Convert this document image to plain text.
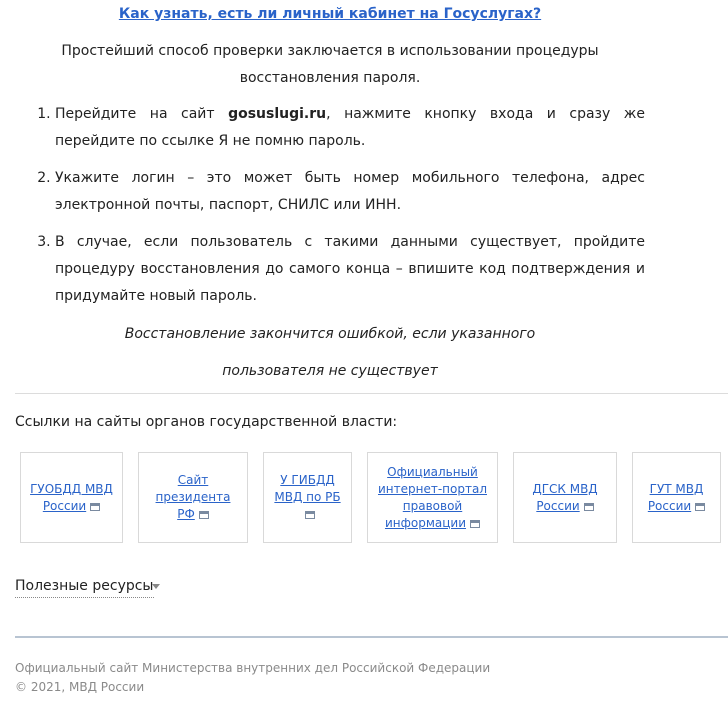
Как узнать, есть ли личный кабинет на Госуслугах?

Простейший способ проверки заключается в использовании процедуры восстановления пароля.

1. Перейдите на сайт gosuslugi.ru, нажмите кнопку входа и сразу же перейдите по ссылке Я не помню пароль.
2. Укажите логин – это может быть номер мобильного телефона, адрес электронной почты, паспорт, СНИЛС или ИНН.
3. В случае, если пользователь с такими данными существует, пройдите процедуру восстановления до самого конца – впишите код подтверждения и придумайте новый пароль.
Восстановление закончится ошибкой, если указанного
пользователя не существует
Ссылки на сайты органов государственной власти:
ГУОБДД МВД России
Сайт президента РФ
У ГИБДД МВД по РБ
Официальный интернет-портал правовой информации
ДГСК МВД России
ГУТ МВД России
Полезные ресурсы
Официальный сайт Министерства внутренних дел Российской Федерации
© 2021, МВД России
